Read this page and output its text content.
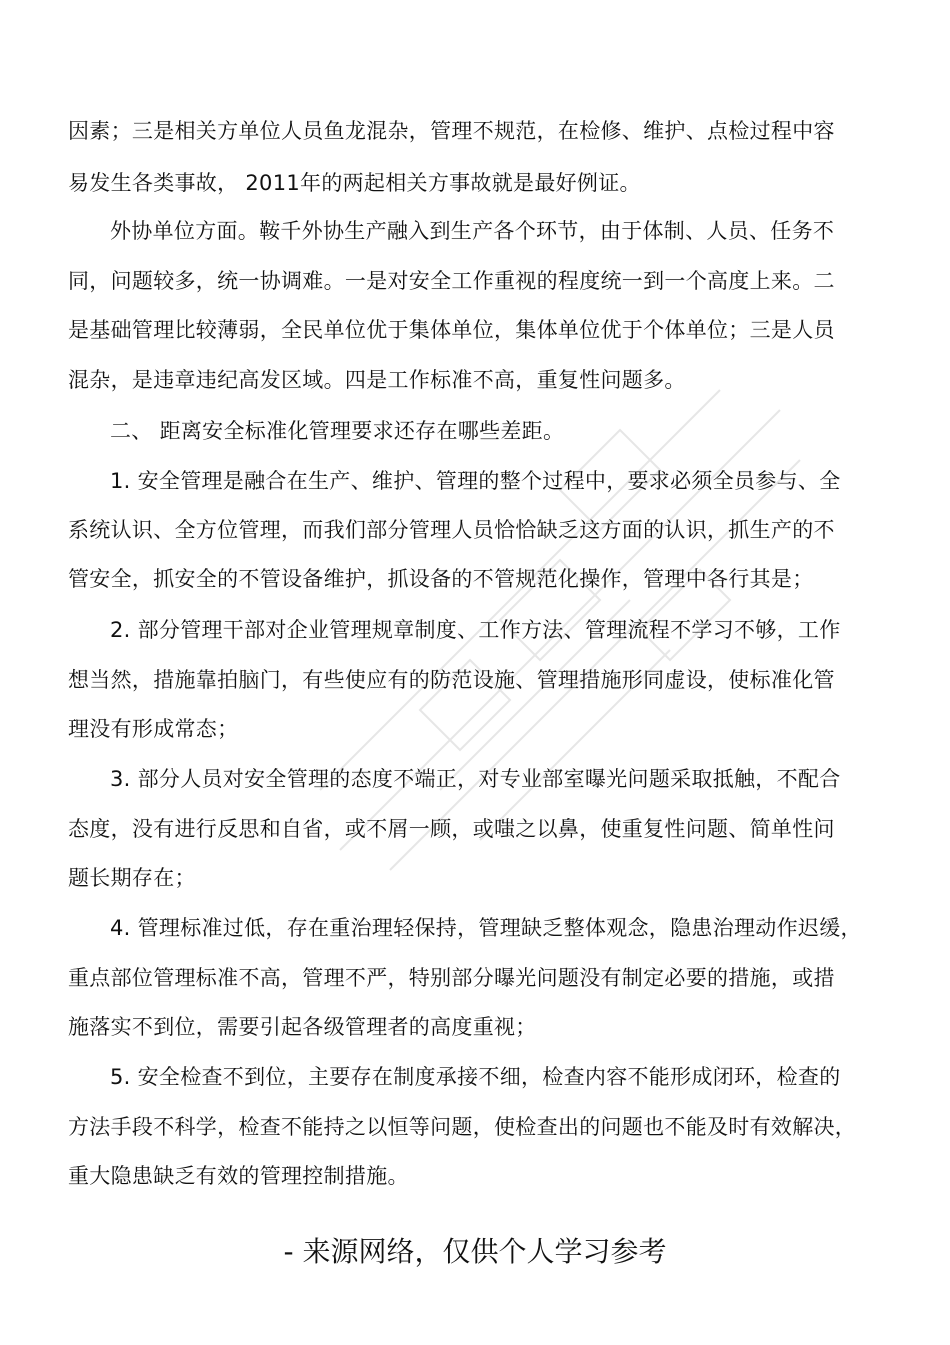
因素；三是相关方单位人员鱼龙混杂，管理不规范，在检修、维护、点检过程中容
易发生各类事故， 2011年的两起相关方事故就是最好例证。
外协单位方面。鞍千外协生产融入到生产各个环节，由于体制、人员、任务不
同，问题较多，统一协调难。一是对安全工作重视的程度统一到一个高度上来。二
是基础管理比较薄弱，全民单位优于集体单位，集体单位优于个体单位；三是人员
混杂，是违章违纪高发区域。四是工作标准不高，重复性问题多。
二、 距离安全标准化管理要求还存在哪些差距。
1. 安全管理是融合在生产、维护、管理的整个过程中，要求必须全员参与、全
系统认识、全方位管理，而我们部分管理人员恰恰缺乏这方面的认识，抓生产的不
管安全，抓安全的不管设备维护，抓设备的不管规范化操作，管理中各行其是；
2. 部分管理干部对企业管理规章制度、工作方法、管理流程不学习不够，工作
想当然，措施靠拍脑门，有些使应有的防范设施、管理措施形同虚设，使标准化管
理没有形成常态；
3. 部分人员对安全管理的态度不端正，对专业部室曝光问题采取抵触，不配合
态度，没有进行反思和自省，或不屑一顾，或嗤之以鼻，使重复性问题、简单性问
题长期存在；
4. 管理标准过低，存在重治理轻保持，管理缺乏整体观念，隐患治理动作迟缓，
重点部位管理标准不高，管理不严，特别部分曝光问题没有制定必要的措施，或措
施落实不到位，需要引起各级管理者的高度重视；
5. 安全检查不到位，主要存在制度承接不细，检查内容不能形成闭环，检查的
方法手段不科学，检查不能持之以恒等问题，使检查出的问题也不能及时有效解决，
重大隐患缺乏有效的管理控制措施。
- 来源网络，仅供个人学习参考
